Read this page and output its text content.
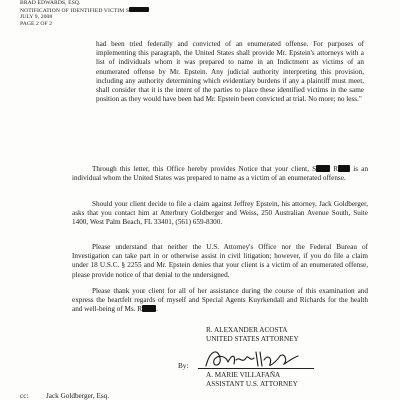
BRAD EDWARDS, ESQ.
NOTIFICATION OF IDENTIFIED VICTIM S
JULY 9, 2008
PAGE 2 OF 2
had been tried federally and convicted of an enumerated offense. For purposes of implementing this paragraph, the United States shall provide Mr. Epstein's attorneys with a list of individuals whom it was prepared to name in an Indictment as victims of an enumerated offense by Mr. Epstein. Any judicial authority interpreting this provision, including any authority determining which evidentiary burdens if any a plaintiff must meet, shall consider that it is the intent of the parties to place these identified victims in the same position as they would have been had Mr. Epstein been convicted at trial. No more; no less."
Through this letter, this Office hereby provides Notice that your client, S R is an individual whom the United States was prepared to name as a victim of an enumerated offense.
Should your client decide to file a claim against Jeffrey Epstein, his attorney, Jack Goldberger, asks that you contact him at Atterbury Goldberger and Weiss, 250 Australian Avenue South, Suite 1400, West Palm Beach, FL 33401, (561) 659-8300.
Please understand that neither the U.S. Attorney's Office nor the Federal Bureau of Investigation can take part in or otherwise assist in civil litigation; however, if you do file a claim under 18 U.S.C. § 2255 and Mr. Epstein denies that your client is a victim of an enumerated offense, please provide notice of that denial to the undersigned.
Please thank your client for all of her assistance during the course of this examination and express the heartfelt regards of myself and Special Agents Kuyrkendall and Richards for the health and well-being of Ms. R .
R. ALEXANDER ACOSTA
UNITED STATES ATTORNEY
By:
A. MARIE VILLAFAÑA
ASSISTANT U.S. ATTORNEY
cc: Jack Goldberger, Esq.
